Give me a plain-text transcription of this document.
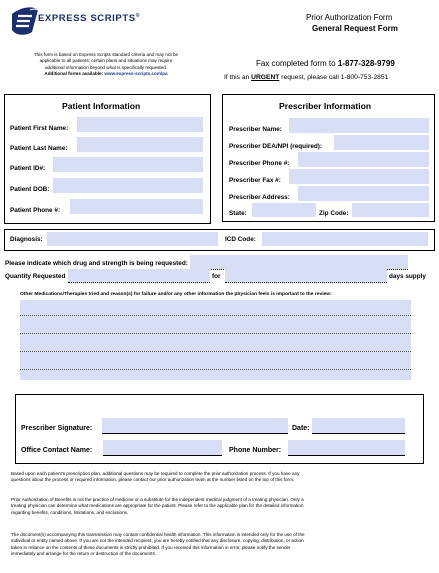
EXPRESS SCRIPTS®	Prior Authorization Form
General Request Form
This form is based on Express Scripts standard criteria and may not be
applicable to all patients; certain plans and situations may require
additional information beyond what is specifically requested.
Additional forms available: www.express-scripts.com/pa
Fax completed form to 1-877-328-9799
If this an URGENT request, please call 1-800-753-2851
Patient Information
Patient First Name:
Patient Last Name:
Patient ID#:
Patient DOB:
Patient Phone #:
Prescriber Information
Prescriber Name:
Prescriber DEA/NPI (required):
Prescriber Phone #:
Prescriber Fax #:
Prescriber Address:
State:	Zip Code:
Diagnosis:	ICD Code:
Please indicate which drug and strength is being requested:
Quantity Requested	for	days supply
Other Medications/Therapies tried and reason(s) for failure and/or any other information the physician feels is important to the review:
Prescriber Signature:	Date:
Office Contact Name:	Phone Number:
Based upon each patient's prescription plan, additional questions may be required to complete the prior authorization process. If you have any
questions about the process or required information, please contact our prior authorization team at the number listed on the top of this form.
Prior Authorization of Benefits is not the practice of medicine or a substitute for the independent medical judgment of a treating physician. Only a
treating physician can determine what medications are appropriate for the patient. Please refer to the applicable plan for the detailed information
regarding benefits, conditions, limitations, and exclusions.
The document(s) accompanying this transmission may contain confidential health information. This information is intended only for the use of the
individual or entity named above. If you are not the intended recipient, you are hereby notified that any disclosure, copying, distribution, or action
taken in reliance on the contents of these documents is strictly prohibited. If you received this information in error, please notify the sender
immediately and arrange for the return or destruction of the documents.
